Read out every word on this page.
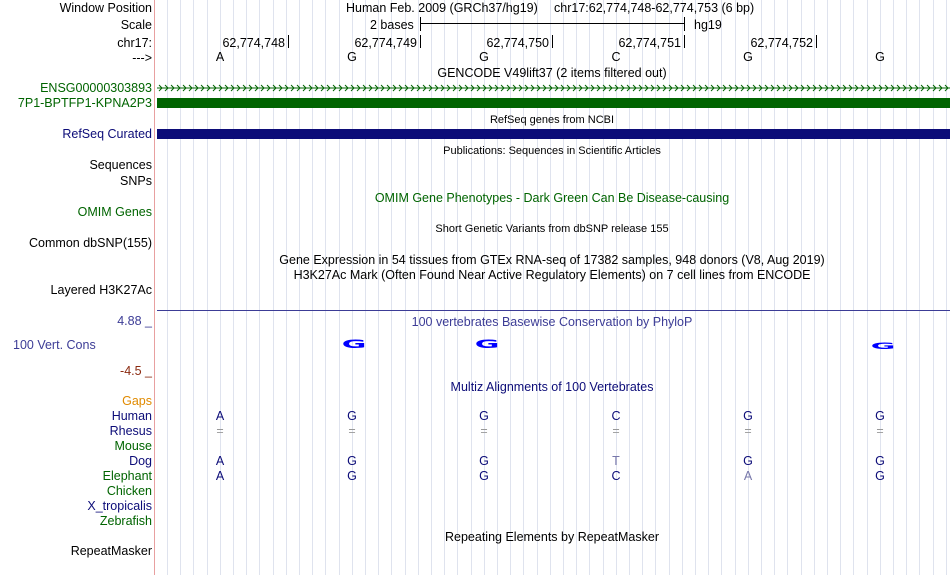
Window Position
Scale
chr17:
--->
Human Feb. 2009 (GRCh37/hg19) chr17:62,774,748-62,774,753 (6 bp)
2 bases	hg19
62,774,748	62,774,749	62,774,750	62,774,751	62,774,752
A	G	G	C	G	G
GENCODE V49lift37 (2 items filtered out)
ENSG00000303893
7P1-BPTFP1-KPNA2P3
RefSeq genes from NCBI
RefSeq Curated
Publications: Sequences in Scientific Articles
Sequences
SNPs
OMIM Gene Phenotypes - Dark Green Can Be Disease-causing
OMIM Genes
Short Genetic Variants from dbSNP release 155
Common dbSNP(155)
Gene Expression in 54 tissues from GTEx RNA-seq of 17382 samples, 948 donors (V8, Aug 2019)
H3K27Ac Mark (Often Found Near Active Regulatory Elements) on 7 cell lines from ENCODE
Layered H3K27Ac
4.88 _	100 vertebrates Basewise Conservation by PhyloP
100 Vert. Cons
-4.5 _
G	G	G
Multiz Alignments of 100 Vertebrates
Gaps
Human	A	G	G	C	G	G
Rhesus	=	=	=	=	=	=
Mouse
Dog	A	G	G	T	G	G
Elephant	A	G	G	C	A	G
Chicken
X_tropicalis
Zebrafish
Repeating Elements by RepeatMasker
RepeatMasker
